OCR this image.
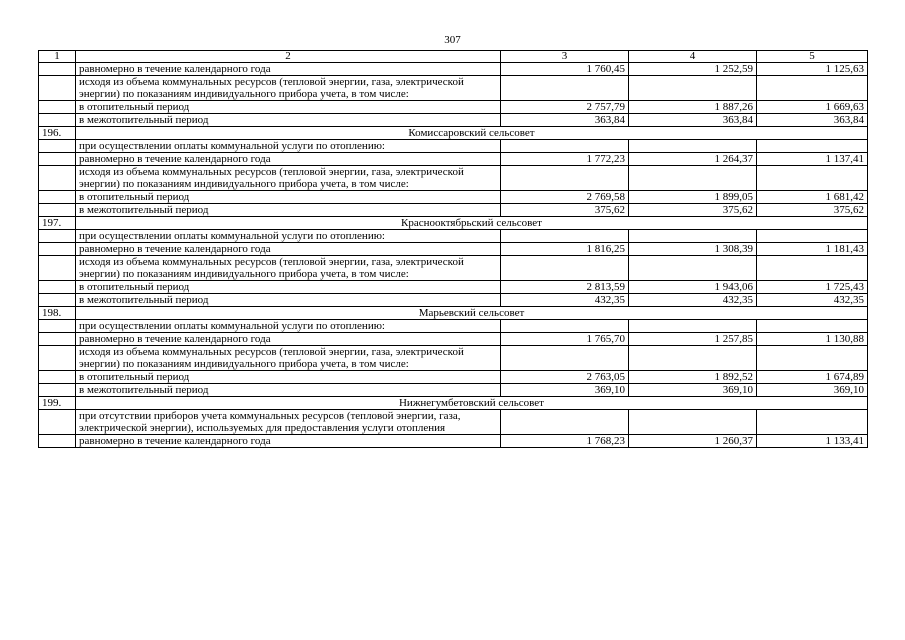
307
1	2	3	4	5
	равномерно в течение календарного года	1 760,45	1 252,59	1 125,63
	исходя из объема коммунальных ресурсов (тепловой энергии, газа, электрической энергии) по показаниям индивидуального прибора учета, в том числе:			
	в отопительный период	2 757,79	1 887,26	1 669,63
	в межотопительный период	363,84	363,84	363,84
196.	Комиссаровский сельсовет			
	при осуществлении оплаты коммунальной услуги по отоплению:			
	равномерно в течение календарного года	1 772,23	1 264,37	1 137,41
	исходя из объема коммунальных ресурсов (тепловой энергии, газа, электрической энергии) по показаниям индивидуального прибора учета, в том числе:			
	в отопительный период	2 769,58	1 899,05	1 681,42
	в межотопительный период	375,62	375,62	375,62
197.	Краснооктябрьский сельсовет			
	при осуществлении оплаты коммунальной услуги по отоплению:			
	равномерно в течение календарного года	1 816,25	1 308,39	1 181,43
	исходя из объема коммунальных ресурсов (тепловой энергии, газа, электрической энергии) по показаниям индивидуального прибора учета, в том числе:			
	в отопительный период	2 813,59	1 943,06	1 725,43
	в межотопительный период	432,35	432,35	432,35
198.	Марьевский сельсовет			
	при осуществлении оплаты коммунальной услуги по отоплению:			
	равномерно в течение календарного года	1 765,70	1 257,85	1 130,88
	исходя из объема коммунальных ресурсов (тепловой энергии, газа, электрической энергии) по показаниям индивидуального прибора учета, в том числе:			
	в отопительный период	2 763,05	1 892,52	1 674,89
	в межотопительный период	369,10	369,10	369,10
199.	Нижнегумбетовский сельсовет			
	при отсутствии приборов учета коммунальных ресурсов (тепловой энергии, газа, электрической энергии), используемых для предоставления услуги отопления			
	равномерно в течение календарного года	1 768,23	1 260,37	1 133,41
